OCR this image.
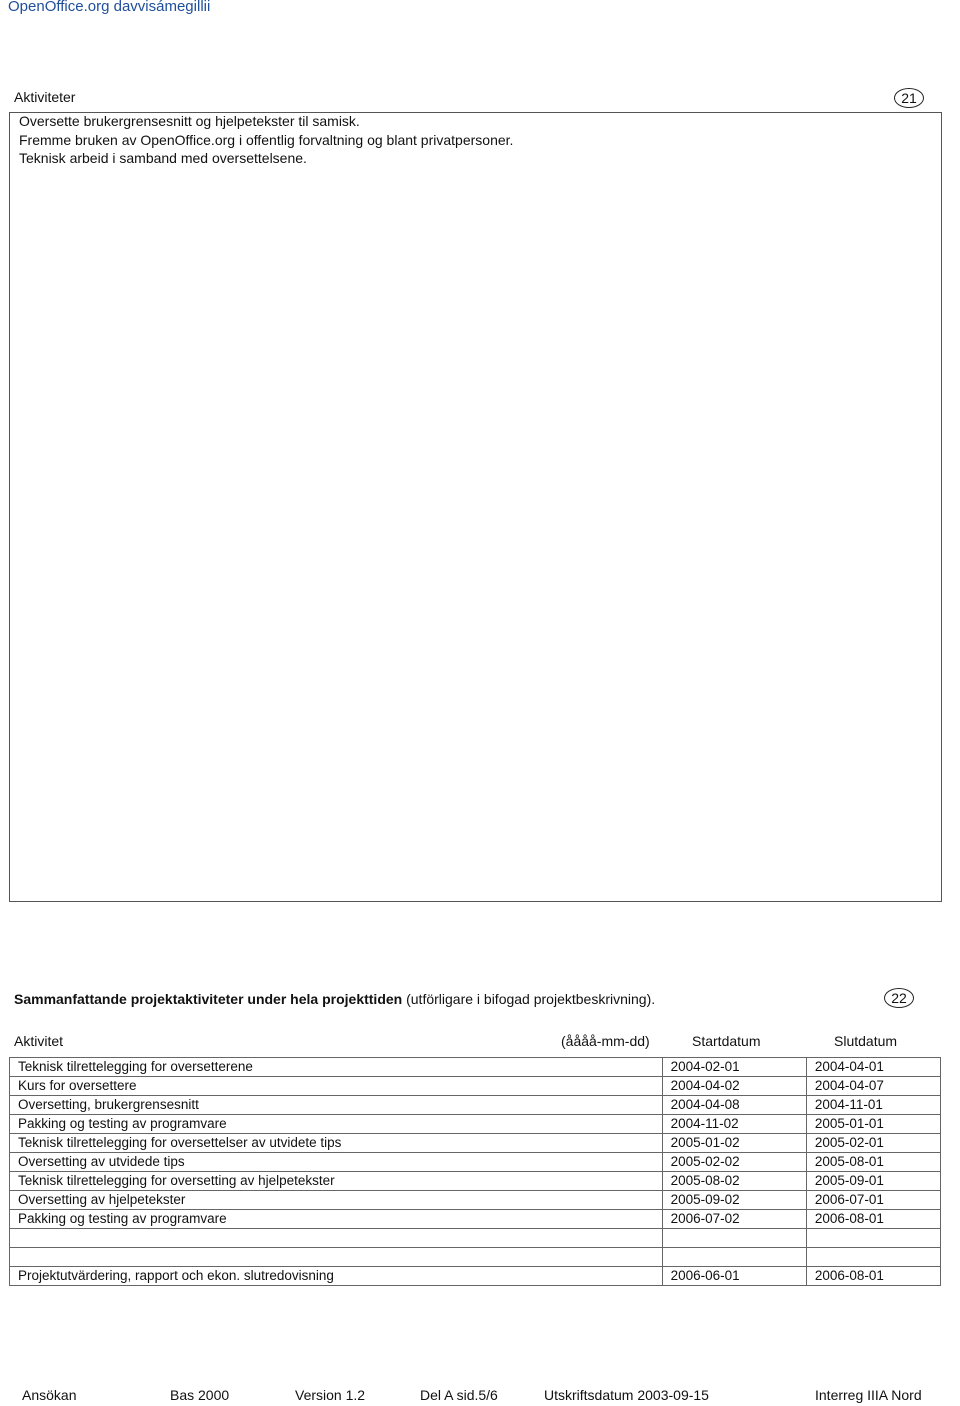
OpenOffice.org davvisámegillii
Aktiviteter	21
Oversette brukergrensesnitt og hjelpetekster til samisk.
Fremme bruken av OpenOffice.org i offentlig forvaltning og blant privatpersoner.
Teknisk arbeid i samband med oversettelsene.
Sammanfattande projektaktiviteter under hela projekttiden (utförligare i bifogad projektbeskrivning).	22
Aktivitet	(åååå-mm-dd)	Startdatum	Slutdatum
Teknisk tilrettelegging for oversetterene	2004-02-01	2004-04-01
Kurs for oversettere	2004-04-02	2004-04-07
Oversetting, brukergrensesnitt	2004-04-08	2004-11-01
Pakking og testing av programvare	2004-11-02	2005-01-01
Teknisk tilrettelegging for oversettelser av utvidete tips	2005-01-02	2005-02-01
Oversetting av utvidede tips	2005-02-02	2005-08-01
Teknisk tilrettelegging for oversetting av hjelpetekster	2005-08-02	2005-09-01
Oversetting av hjelpetekster	2005-09-02	2006-07-01
Pakking og testing av programvare	2006-07-02	2006-08-01

Projektutvärdering, rapport och ekon. slutredovisning	2006-06-01	2006-08-01
Ansökan	Bas 2000	Version 1.2	Del A sid.5/6	Utskriftsdatum 2003-09-15	Interreg IIIA Nord
